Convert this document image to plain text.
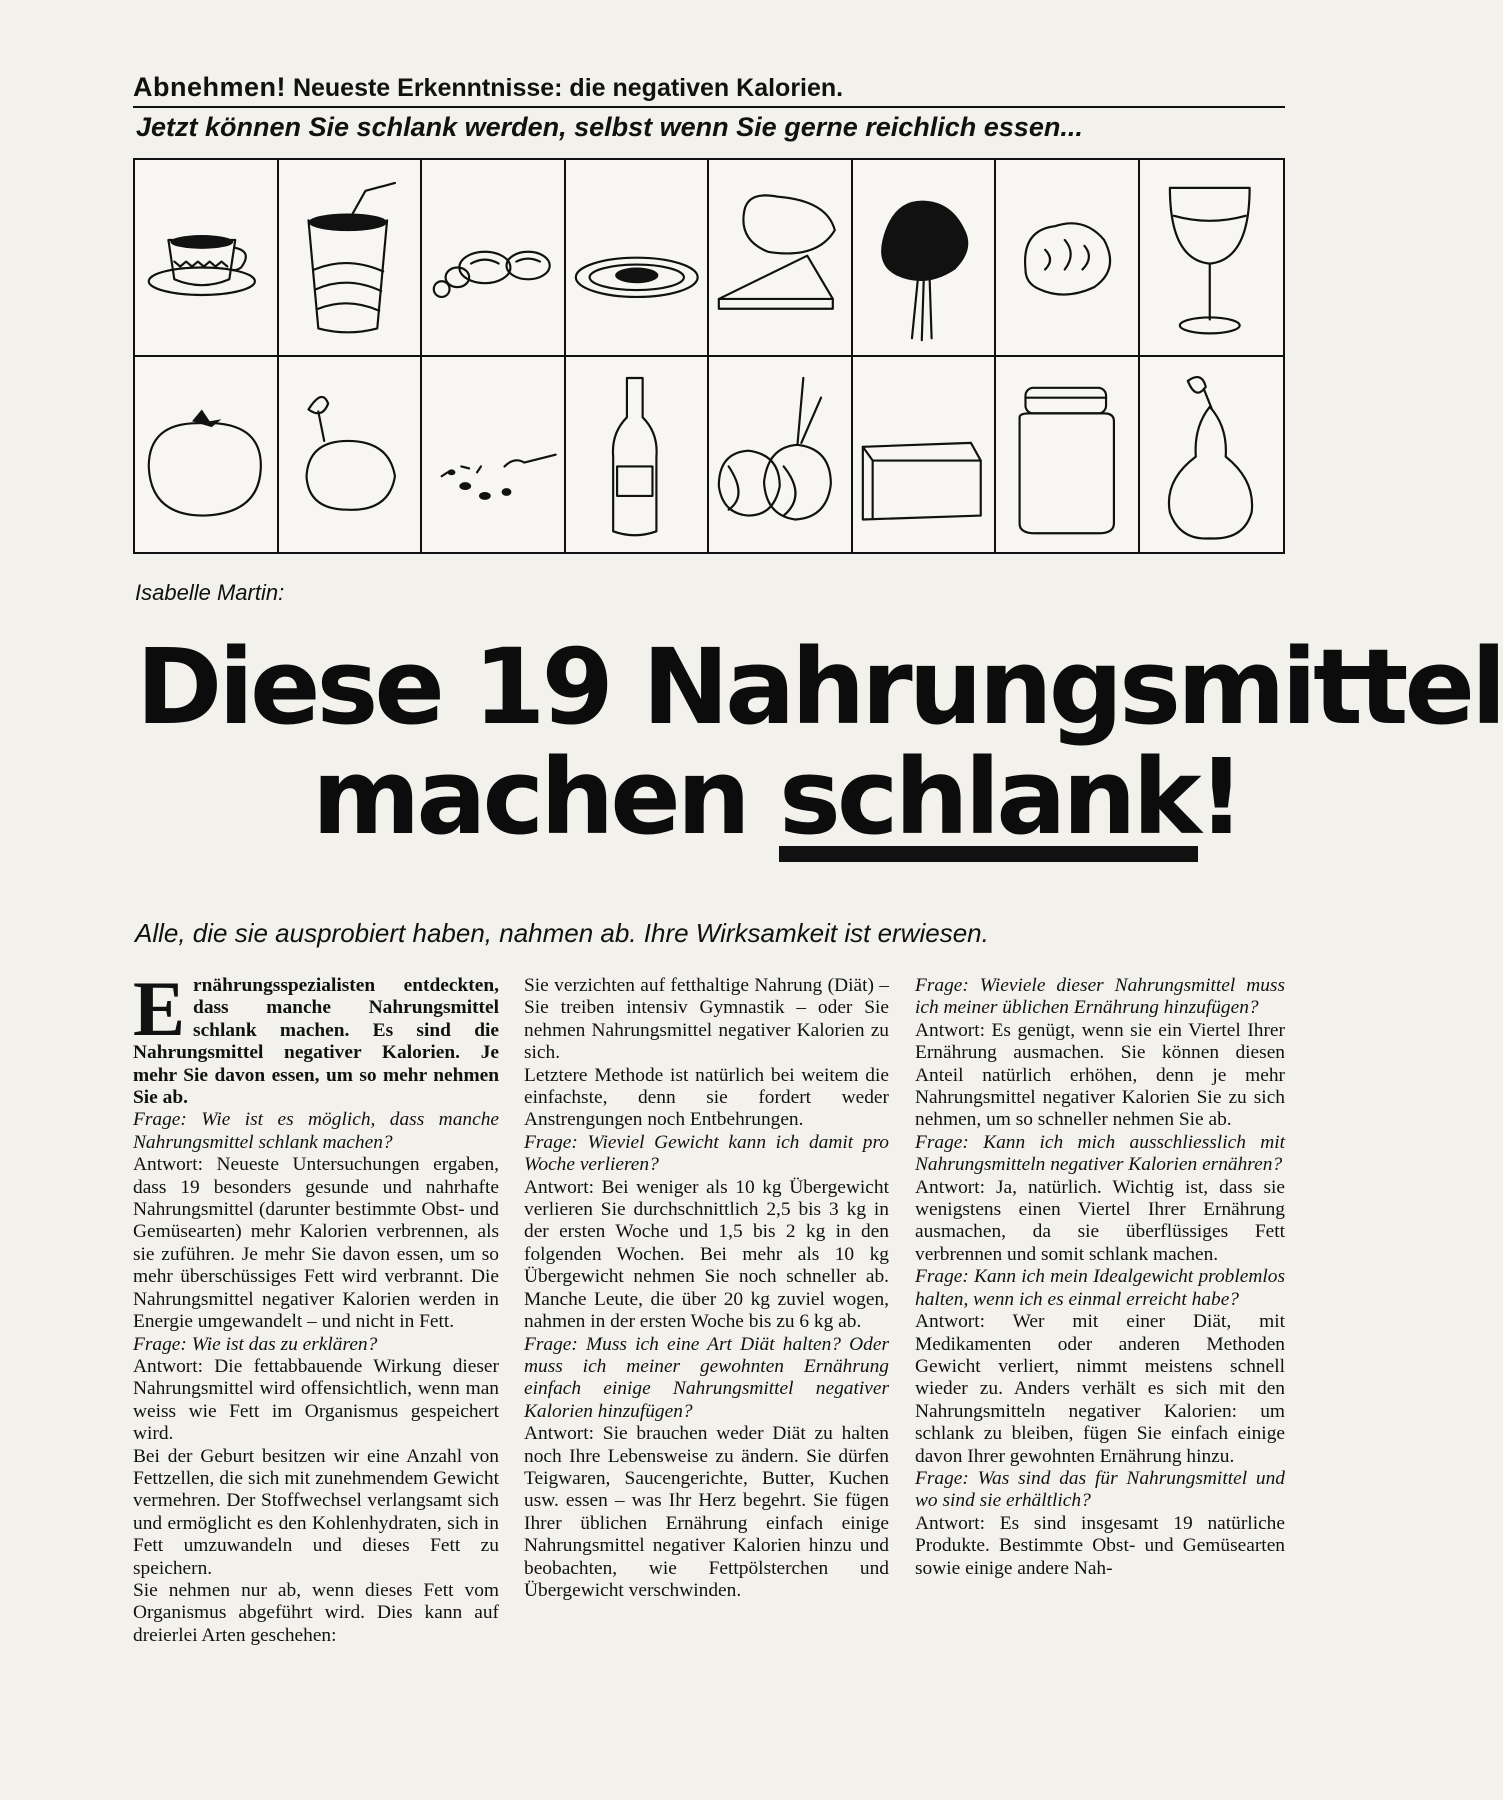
Abnehmen! Neueste Erkenntnisse: die negativen Kalorien.
Jetzt können Sie schlank werden, selbst wenn Sie gerne reichlich essen...
Isabelle Martin:
Diese 19 Nahrungsmittel
machen schlank!
Alle, die sie ausprobiert haben, nahmen ab. Ihre Wirksamkeit ist erwiesen.

Ernährungsspezialisten entdeckten, dass manche Nahrungsmittel schlank machen. Es sind die Nahrungsmittel negativer Kalorien. Je mehr Sie davon essen, um so mehr nehmen Sie ab.

Frage: Wie ist es möglich, dass manche Nahrungsmittel schlank machen?

Antwort: Neueste Untersuchungen ergaben, dass 19 besonders gesunde und nahrhafte Nahrungsmittel (darunter bestimmte Obst- und Gemüsearten) mehr Kalorien verbrennen, als sie zuführen. Je mehr Sie davon essen, um so mehr überschüssiges Fett wird verbrannt. Die Nahrungsmittel negativer Kalorien werden in Energie umgewandelt – und nicht in Fett.

Frage: Wie ist das zu erklären?

Antwort: Die fettabbauende Wirkung dieser Nahrungsmittel wird offensichtlich, wenn man weiss wie Fett im Organismus gespeichert wird.

Bei der Geburt besitzen wir eine Anzahl von Fettzellen, die sich mit zunehmendem Gewicht vermehren. Der Stoffwechsel verlangsamt sich und ermöglicht es den Kohlenhydraten, sich in Fett umzuwandeln und dieses Fett zu speichern.

Sie nehmen nur ab, wenn dieses Fett vom Organismus abgeführt wird. Dies kann auf dreierlei Arten geschehen:

Sie verzichten auf fetthaltige Nahrung (Diät) – Sie treiben intensiv Gymnastik – oder Sie nehmen Nahrungsmittel negativer Kalorien zu sich.

Letztere Methode ist natürlich bei weitem die einfachste, denn sie fordert weder Anstrengungen noch Entbehrungen.

Frage: Wieviel Gewicht kann ich damit pro Woche verlieren?

Antwort: Bei weniger als 10 kg Übergewicht verlieren Sie durchschnittlich 2,5 bis 3 kg in der ersten Woche und 1,5 bis 2 kg in den folgenden Wochen. Bei mehr als 10 kg Übergewicht nehmen Sie noch schneller ab. Manche Leute, die über 20 kg zuviel wogen, nahmen in der ersten Woche bis zu 6 kg ab.

Frage: Muss ich eine Art Diät halten? Oder muss ich meiner gewohnten Ernährung einfach einige Nahrungsmittel negativer Kalorien hinzufügen?

Antwort: Sie brauchen weder Diät zu halten noch Ihre Lebensweise zu ändern. Sie dürfen Teigwaren, Saucengerichte, Butter, Kuchen usw. essen – was Ihr Herz begehrt. Sie fügen Ihrer üblichen Ernährung einfach einige Nahrungsmittel negativer Kalorien hinzu und beobachten, wie Fettpölsterchen und Übergewicht verschwinden.

Frage: Wieviele dieser Nahrungsmittel muss ich meiner üblichen Ernährung hinzufügen?

Antwort: Es genügt, wenn sie ein Viertel Ihrer Ernährung ausmachen. Sie können diesen Anteil natürlich erhöhen, denn je mehr Nahrungsmittel negativer Kalorien Sie zu sich nehmen, um so schneller nehmen Sie ab.

Frage: Kann ich mich ausschliesslich mit Nahrungsmitteln negativer Kalorien ernähren?

Antwort: Ja, natürlich. Wichtig ist, dass sie wenigstens einen Viertel Ihrer Ernährung ausmachen, da sie überflüssiges Fett verbrennen und somit schlank machen.

Frage: Kann ich mein Idealgewicht problemlos halten, wenn ich es einmal erreicht habe?

Antwort: Wer mit einer Diät, mit Medikamenten oder anderen Methoden Gewicht verliert, nimmt meistens schnell wieder zu. Anders verhält es sich mit den Nahrungsmitteln negativer Kalorien: um schlank zu bleiben, fügen Sie einfach einige davon Ihrer gewohnten Ernährung hinzu.

Frage: Was sind das für Nahrungsmittel und wo sind sie erhältlich?

Antwort: Es sind insgesamt 19 natürliche Produkte. Bestimmte Obst- und Gemüsearten sowie einige andere Nah-
